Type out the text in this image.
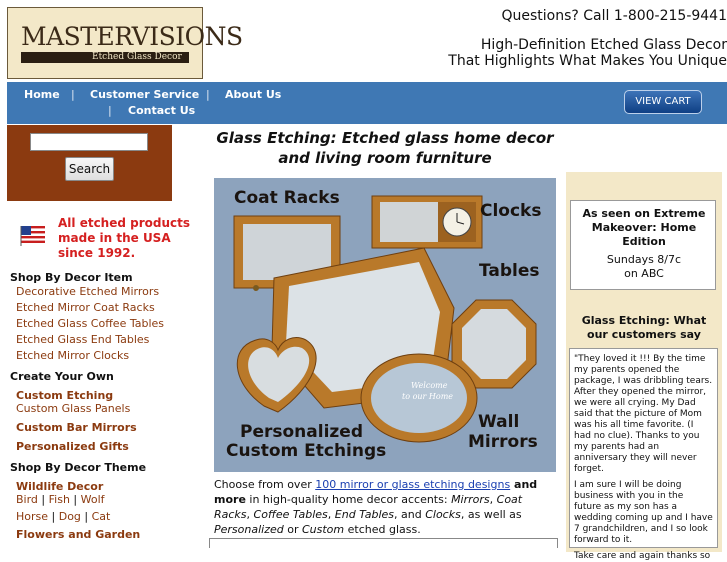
MASTERVISIONS
Etched Glass Decor
Questions? Call 1-800-215-9441
High-Definition Etched Glass Decor
That Highlights What Makes You Unique
Home | Customer Service | About Us
| Contact Us
VIEW CART
Search
All etched products made in the USA since 1992.
Shop By Decor Item
Decorative Etched Mirrors
Etched Mirror Coat Racks
Etched Glass Coffee Tables
Etched Glass End Tables
Etched Mirror Clocks
Create Your Own
Custom Etching
Custom Glass Panels
Custom Bar Mirrors
Personalized Gifts
Shop By Decor Theme
Wildlife Decor
Bird | Fish | Wolf
Horse | Dog | Cat
Flowers and Garden
Glass Etching: Etched glass home decor and living room furniture
Coat Racks
Clocks
Tables
Personalized
Custom Etchings
Wall
Mirrors
Welcome
to our Home
Choose from over 100 mirror or glass etching designs and more in high-quality home decor accents: Mirrors, Coat Racks, Coffee Tables, End Tables, and Clocks, as well as Personalized or Custom etched glass.
As seen on Extreme Makeover: Home Edition
Sundays 8/7c
on ABC
Glass Etching: What our customers say

"They loved it !!! By the time my parents opened the package, I was dribbling tears. After they opened the mirror, we were all crying. My Dad said that the picture of Mom was his all time favorite. (I had no clue). Thanks to you my parents had an anniversary they will never forget.

I am sure I will be doing business with you in the future as my son has a wedding coming up and I have 7 grandchildren, and I so look forward to it.

Take care and again thanks so
